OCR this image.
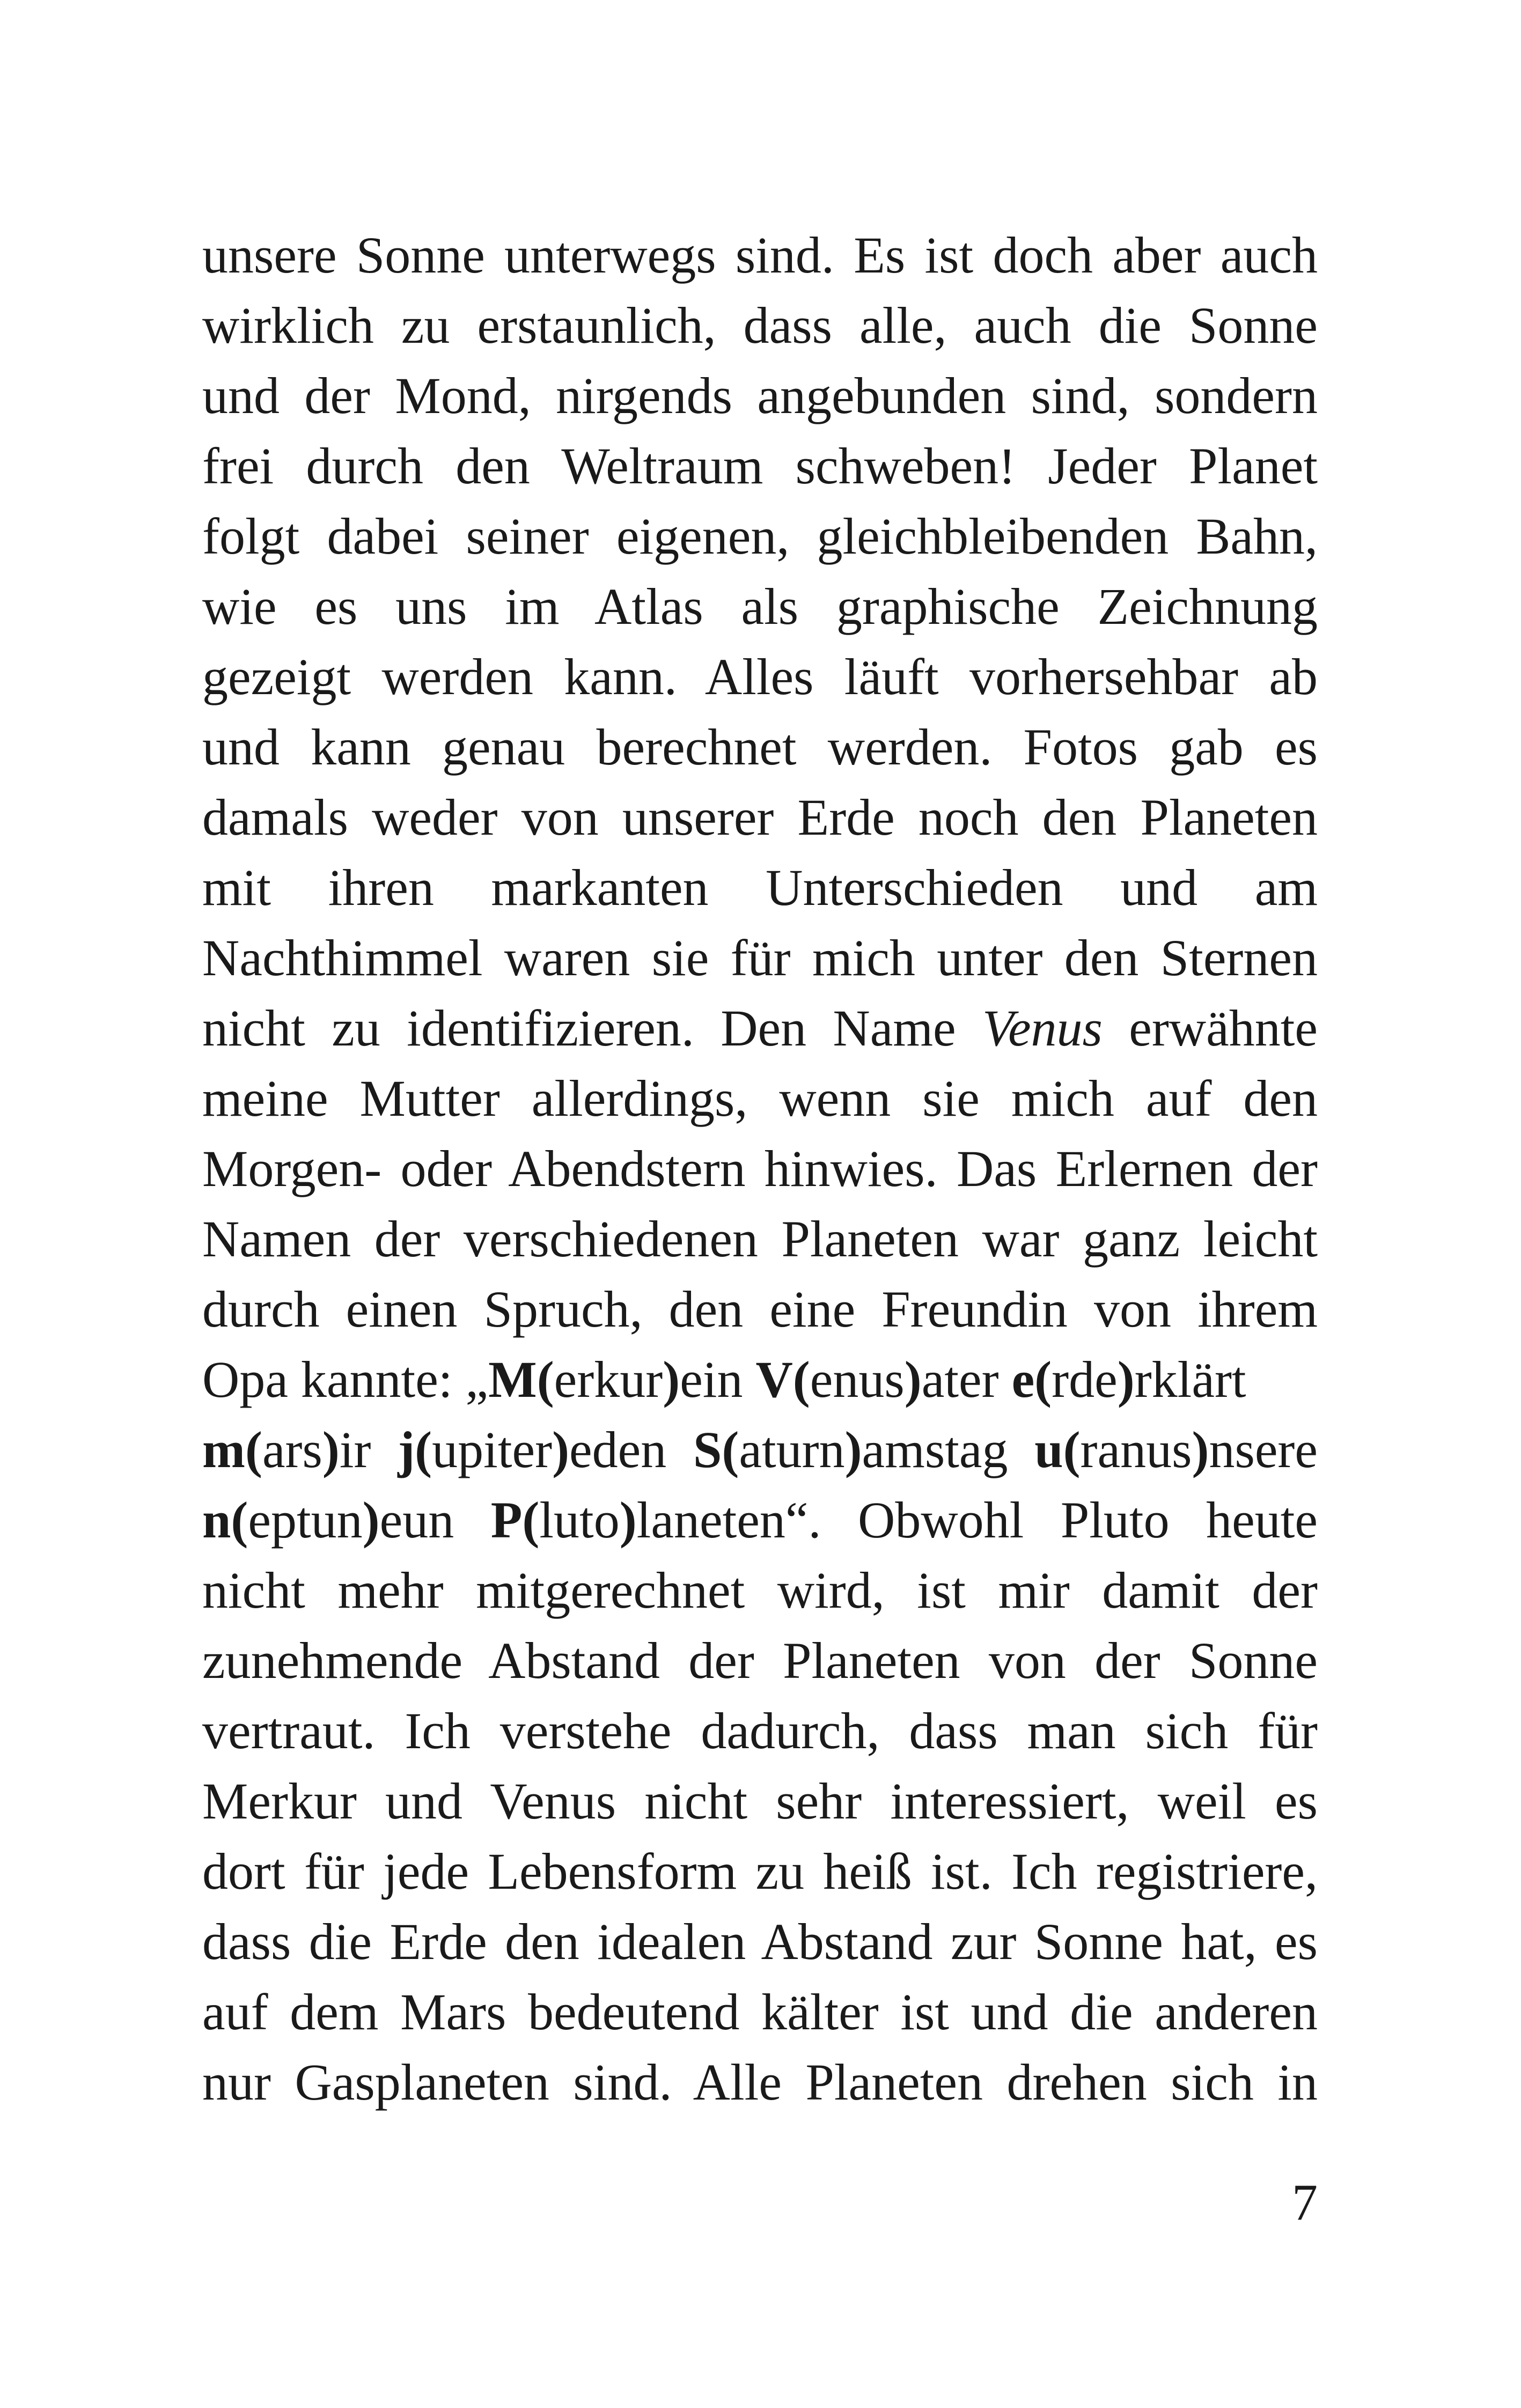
unsere Sonne unterwegs sind. Es ist doch aber auch
wirklich zu erstaunlich, dass alle, auch die Sonne
und der Mond, nirgends angebunden sind, sondern
frei durch den Weltraum schweben! Jeder Planet
folgt dabei seiner eigenen, gleichbleibenden Bahn,
wie es uns im Atlas als graphische Zeichnung
gezeigt werden kann. Alles läuft vorhersehbar ab
und kann genau berechnet werden. Fotos gab es
damals weder von unserer Erde noch den Planeten
mit ihren markanten Unterschieden und am
Nachthimmel waren sie für mich unter den Sternen
nicht zu identifizieren. Den Name Venus erwähnte
meine Mutter allerdings, wenn sie mich auf den
Morgen- oder Abendstern hinwies. Das Erlernen der
Namen der verschiedenen Planeten war ganz leicht
durch einen Spruch, den eine Freundin von ihrem
Opa kannte: „M(erkur)ein V(enus)ater e(rde)rklärt
m(ars)ir j(upiter)eden S(aturn)amstag u(ranus)nsere
n(eptun)eun P(luto)laneten“. Obwohl Pluto heute
nicht mehr mitgerechnet wird, ist mir damit der
zunehmende Abstand der Planeten von der Sonne
vertraut. Ich verstehe dadurch, dass man sich für
Merkur und Venus nicht sehr interessiert, weil es
dort für jede Lebensform zu heiß ist. Ich registriere,
dass die Erde den idealen Abstand zur Sonne hat, es
auf dem Mars bedeutend kälter ist und die anderen
nur Gasplaneten sind. Alle Planeten drehen sich in
7
